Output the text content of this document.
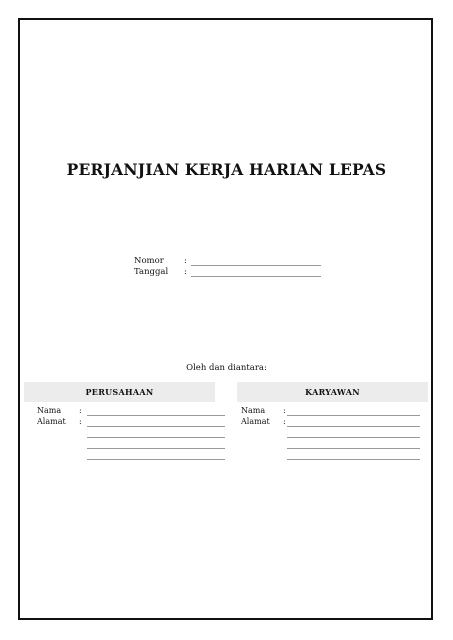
PERJANJIAN KERJA HARIAN LEPAS
Nomor	:
Tanggal	:
Oleh dan diantara:
PERUSAHAAN
Nama	:
Alamat	:
KARYAWAN
Nama	:
Alamat	:
